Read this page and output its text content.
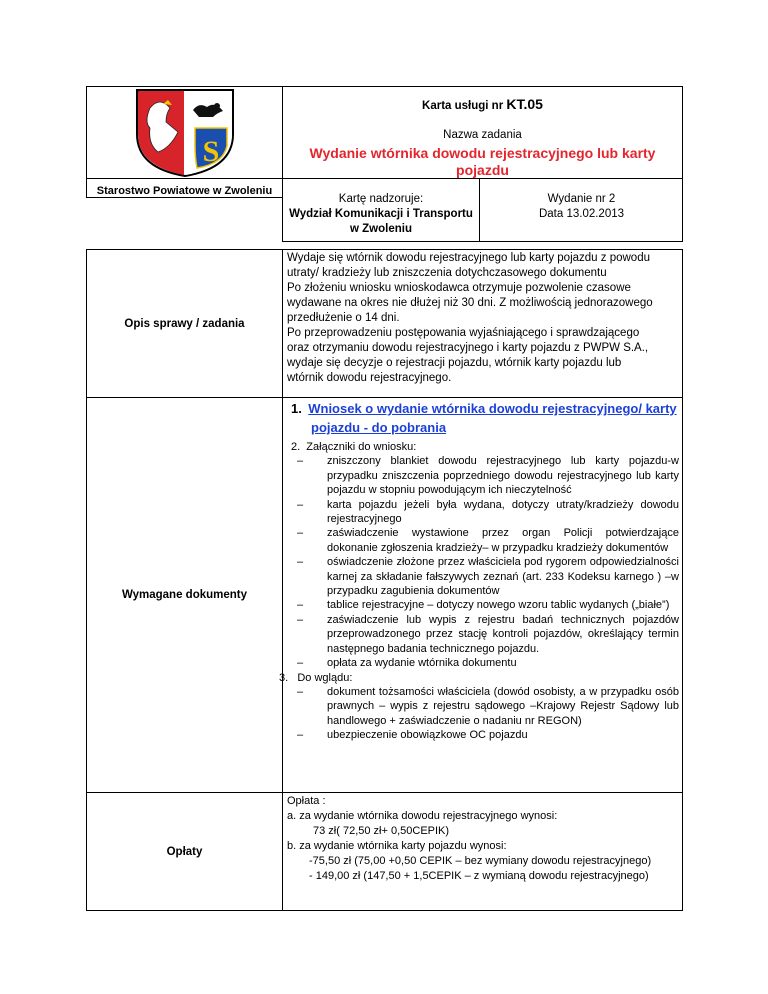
S
Starostwo Powiatowe w Zwoleniu
Karta usługi nr KT.05
Nazwa zadania
Wydanie wtórnika dowodu rejestracyjnego lub karty pojazdu
Kartę nadzoruje:
Wydział Komunikacji i Transportu
w Zwoleniu
Wydanie nr 2
Data 13.02.2013
Opis sprawy / zadania
Wydaje się wtórnik dowodu rejestracyjnego lub karty pojazdu z powodu
utraty/ kradzieży lub zniszczenia dotychczasowego dokumentu
Po złożeniu wniosku wnioskodawca otrzymuje pozwolenie czasowe
wydawane na okres nie dłużej niż 30 dni. Z możliwością jednorazowego
przedłużenie o 14 dni.
Po przeprowadzeniu postępowania wyjaśniającego i sprawdzającego
oraz otrzymaniu dowodu rejestracyjnego i karty pojazdu z PWPW S.A.,
wydaje się decyzje o rejestracji pojazdu, wtórnik karty pojazdu lub
wtórnik dowodu rejestracyjnego.
Wymagane dokumenty
1. Wniosek o wydanie wtórnika dowodu rejestracyjnego/ karty
pojazdu - do pobrania
2.  Załączniki do wniosku:
– zniszczony blankiet dowodu rejestracyjnego lub karty pojazdu-w przypadku zniszczenia poprzedniego dowodu rejestracyjnego lub karty pojazdu w stopniu powodującym ich nieczytelność
– karta pojazdu jeżeli była wydana, dotyczy utraty/kradzieży dowodu rejestracyjnego
– zaświadczenie wystawione przez organ Policji potwierdzające dokonanie zgłoszenia kradzieży– w przypadku kradzieży dokumentów
– oświadczenie złożone przez właściciela pod rygorem odpowiedzialności karnej za składanie fałszywych zeznań (art. 233 Kodeksu karnego ) –w przypadku zagubienia dokumentów
– tablice rejestracyjne – dotyczy nowego wzoru tablic wydanych („białe”)
– zaświadczenie lub wypis z rejestru badań technicznych pojazdów przeprowadzonego przez stację kontroli pojazdów, określający termin następnego badania technicznego pojazdu.
– opłata za wydanie wtórnika dokumentu
3.   Do wglądu:
– dokument tożsamości właściciela (dowód osobisty, a w przypadku osób prawnych – wypis z rejestru sądowego –Krajowy Rejestr Sądowy lub handlowego + zaświadczenie o nadaniu nr REGON)
– ubezpieczenie obowiązkowe OC pojazdu
Opłaty
Opłata :
a. za wydanie wtórnika dowodu rejestracyjnego wynosi:
73 zł( 72,50 zł+ 0,50CEPIK)
b. za wydanie wtórnika karty pojazdu wynosi:
-75,50 zł (75,00 +0,50 CEPIK – bez wymiany dowodu rejestracyjnego)
- 149,00 zł (147,50 + 1,5CEPIK – z wymianą dowodu rejestracyjnego)
